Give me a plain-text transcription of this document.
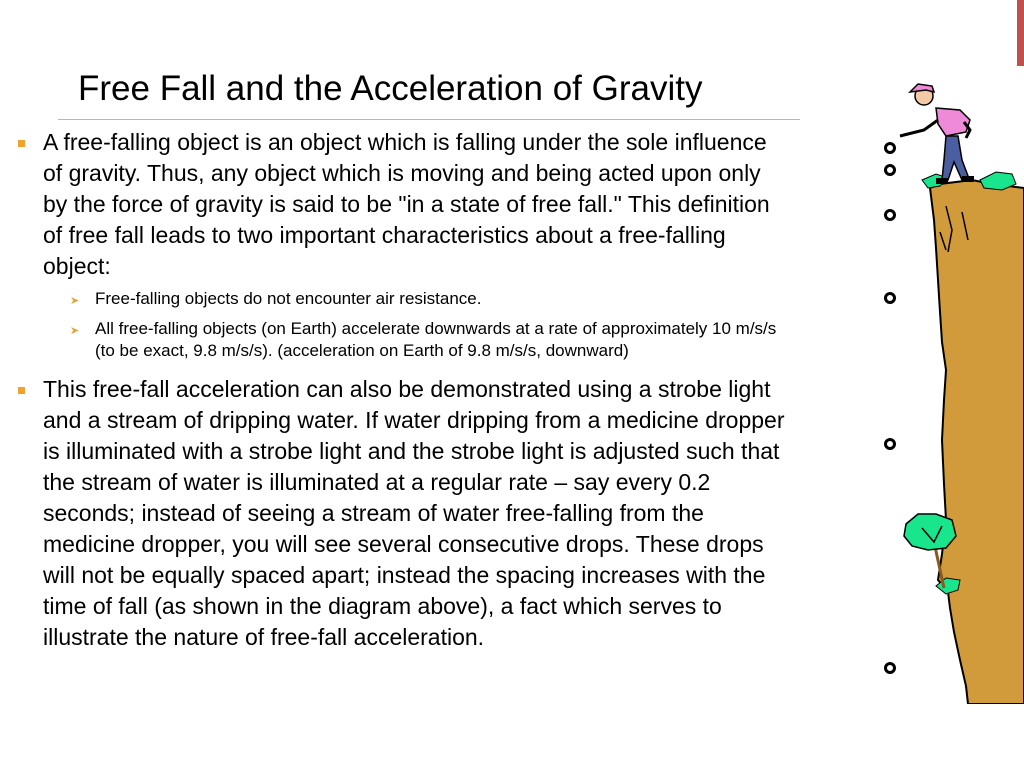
Free Fall and the Acceleration of Gravity
A free-falling object is an object which is falling under the sole influence of gravity. Thus, any object which is moving and being acted upon only by the force of gravity is said to be "in a state of free fall." This definition of free fall leads to two important characteristics about a free-falling object:
➤ Free-falling objects do not encounter air resistance.
➤ All free-falling objects (on Earth) accelerate downwards at a rate of approximately 10 m/s/s (to be exact, 9.8 m/s/s). (acceleration on Earth of 9.8 m/s/s, downward)
This free-fall acceleration can also be demonstrated using a strobe light and a stream of dripping water. If water dripping from a medicine dropper is illuminated with a strobe light and the strobe light is adjusted such that the stream of water is illuminated at a regular rate – say every 0.2 seconds; instead of seeing a stream of water free-falling from the medicine dropper, you will see several consecutive drops. These drops will not be equally spaced apart; instead the spacing increases with the time of fall (as shown in the diagram above), a fact which serves to illustrate the nature of free-fall acceleration.
